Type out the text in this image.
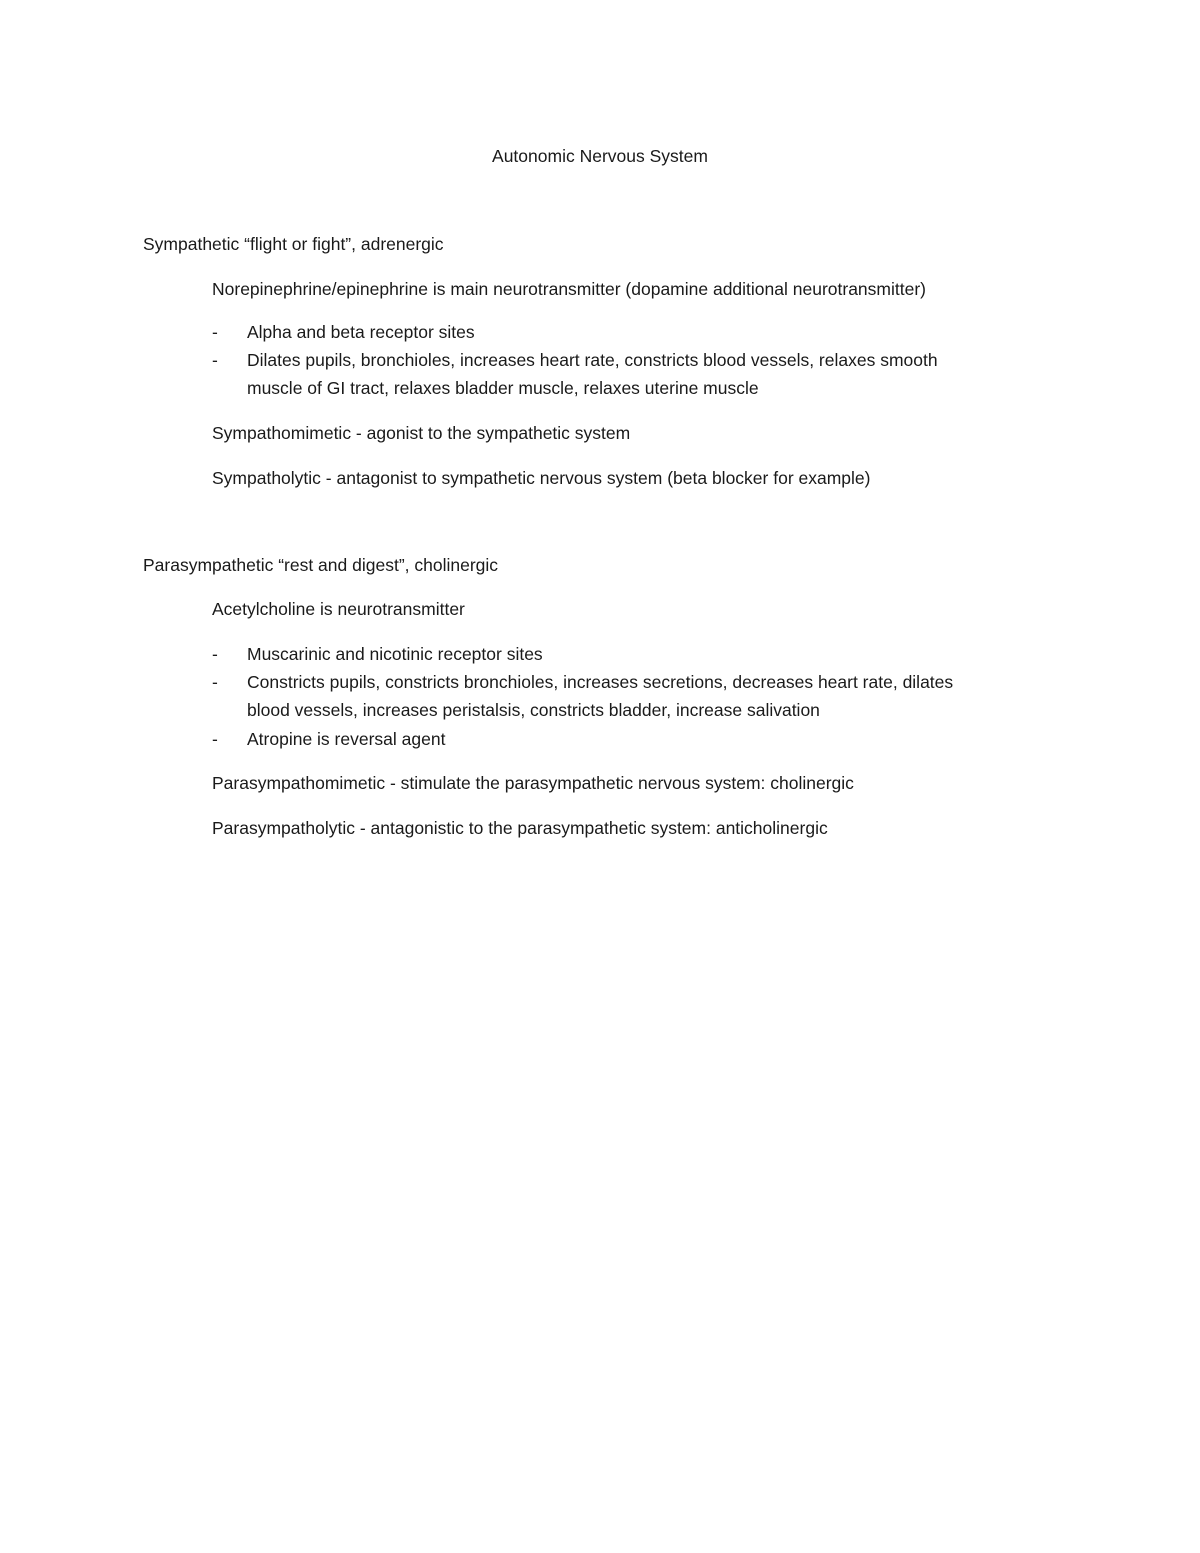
Autonomic Nervous System
Sympathetic “flight or fight”, adrenergic
Norepinephrine/epinephrine is main neurotransmitter (dopamine additional neurotransmitter)
- Alpha and beta receptor sites
- Dilates pupils, bronchioles, increases heart rate, constricts blood vessels, relaxes smooth
muscle of GI tract, relaxes bladder muscle, relaxes uterine muscle
Sympathomimetic - agonist to the sympathetic system
Sympatholytic - antagonist to sympathetic nervous system (beta blocker for example)
Parasympathetic “rest and digest”, cholinergic
Acetylcholine is neurotransmitter
- Muscarinic and nicotinic receptor sites
- Constricts pupils, constricts bronchioles, increases secretions, decreases heart rate, dilates
blood vessels, increases peristalsis, constricts bladder, increase salivation
- Atropine is reversal agent
Parasympathomimetic - stimulate the parasympathetic nervous system: cholinergic
Parasympatholytic - antagonistic to the parasympathetic system: anticholinergic
